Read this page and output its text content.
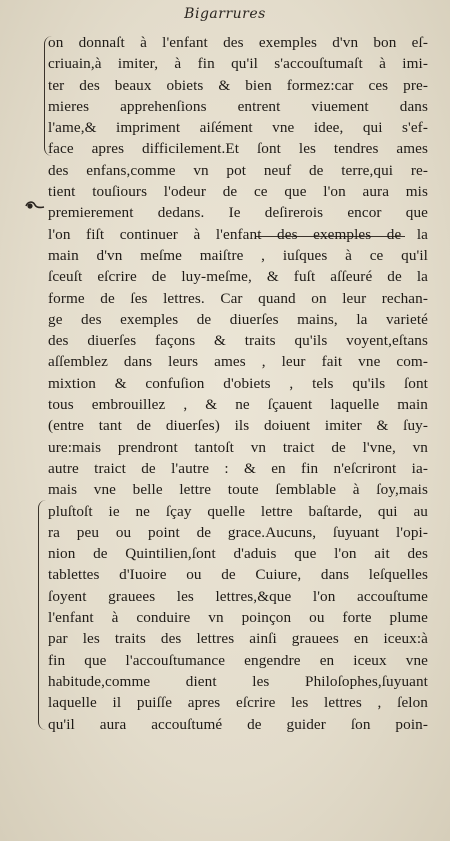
Bigarrures
on donnaſt à l'enfant des exemples d'vn bon eſ-
criuain,à imiter, à fin qu'il s'accouſtumaſt à imi-
ter des beaux obiets & bien formez:car ces pre-
mieres apprehenſions entrent viuement dans
l'ame,& impriment aiſément vne idee, qui s'ef-
face apres difficilement.Et ſont les tendres ames
des enfans,comme vn pot neuf de terre,qui re-
tient touſiours l'odeur de ce que l'on aura mis
premierement dedans. Ie deſirerois encor que
l'on fiſt continuer à l'enfant des exemples de la
main d'vn meſme maiſtre , iuſques à ce qu'il
ſceuſt eſcrire de luy-meſme, & fuſt aſſeuré de la
forme de ſes lettres. Car quand on leur rechan-
ge des exemples de diuerſes mains, la varieté
des diuerſes façons & traits qu'ils voyent,eſtans
aſſemblez dans leurs ames , leur fait vne com-
mixtion & confuſion d'obiets , tels qu'ils ſont
tous embrouillez , & ne ſçauent laquelle main
(entre tant de diuerſes) ils doiuent imiter & ſuy-
ure:mais prendront tantoſt vn traict de l'vne, vn
autre traict de l'autre : & en fin n'eſcriront ia-
mais vne belle lettre toute ſemblable à ſoy,mais
pluſtoſt ie ne ſçay quelle lettre baſtarde, qui au
ra peu ou point de grace.Aucuns, ſuyuant l'opi-
nion de Quintilien,ſont d'aduis que l'on ait des
tablettes d'Iuoire ou de Cuiure, dans leſquelles
ſoyent grauees les lettres,&que l'on accouſtume
l'enfant à conduire vn poinçon ou forte plume
par les traits des lettres ainſi grauees en iceux:à
fin que l'accouſtumance engendre en iceux vne
habitude,comme dient les Philoſophes,ſuyuant
laquelle il puiſſe apres eſcrire les lettres , ſelon
qu'il aura accouſtumé de guider ſon poin-
